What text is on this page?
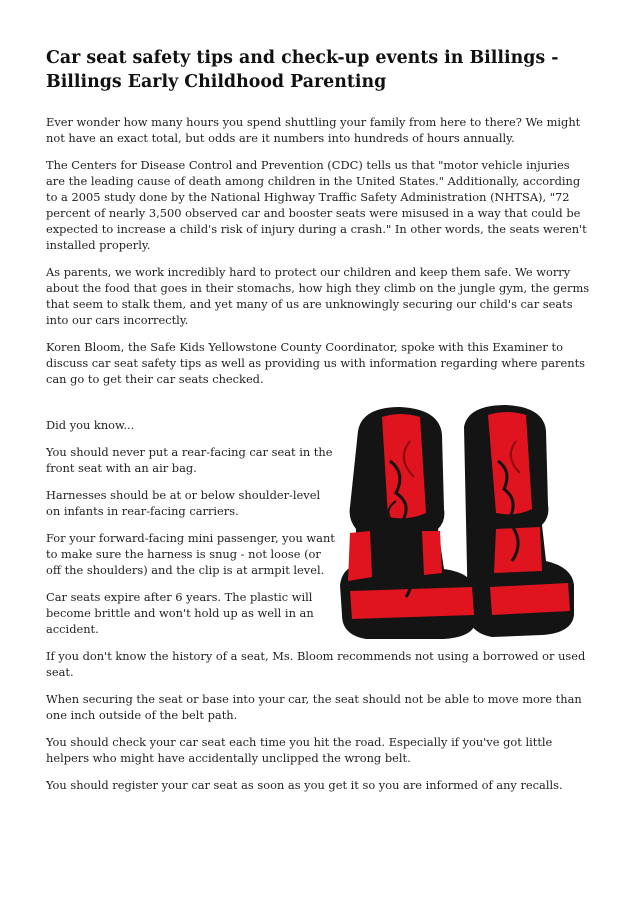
Car seat safety tips and check-up events in Billings - Billings Early Childhood Parenting

Ever wonder how many hours you spend shuttling your family from here to there? We might not have an exact total, but odds are it numbers into hundreds of hours annually.

The Centers for Disease Control and Prevention (CDC) tells us that "motor vehicle injuries are the leading cause of death among children in the United States." Additionally, according to a 2005 study done by the National Highway Traffic Safety Administration (NHTSA), "72 percent of nearly 3,500 observed car and booster seats were misused in a way that could be expected to increase a child's risk of injury during a crash." In other words, the seats weren't installed properly.

As parents, we work incredibly hard to protect our children and keep them safe. We worry about the food that goes in their stomachs, how high they climb on the jungle gym, the germs that seem to stalk them, and yet many of us are unknowingly securing our child's car seats into our cars incorrectly.

Koren Bloom, the Safe Kids Yellowstone County Coordinator, spoke with this Examiner to discuss car seat safety tips as well as providing us with information regarding where parents can go to get their car seats checked.

Did you know...

You should never put a rear-facing car seat in the front seat with an air bag.

Harnesses should be at or below shoulder-level on infants in rear-facing carriers.

For your forward-facing mini passenger, you want to make sure the harness is snug - not loose (or off the shoulders) and the clip is at armpit level.

Car seats expire after 6 years. The plastic will become brittle and won't hold up as well in an accident.

If you don't know the history of a seat, Ms. Bloom recommends not using a borrowed or used seat.

When securing the seat or base into your car, the seat should not be able to move more than one inch outside of the belt path.

You should check your car seat each time you hit the road. Especially if you've got little helpers who might have accidentally unclipped the wrong belt.

You should register your car seat as soon as you get it so you are informed of any recalls.
